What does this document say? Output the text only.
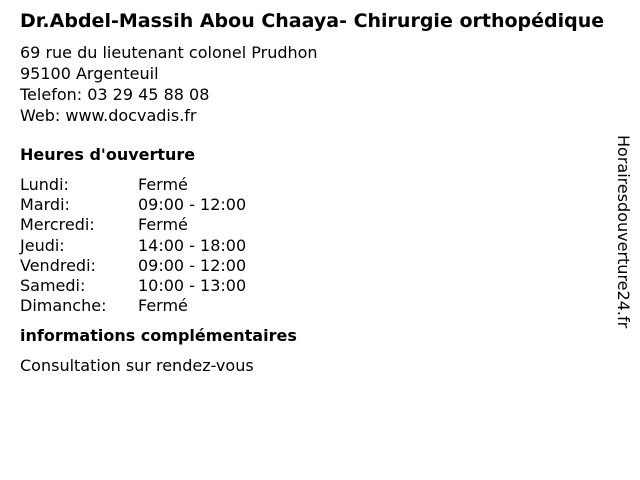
Dr.Abdel-Massih Abou Chaaya- Chirurgie orthopédique
69 rue du lieutenant colonel Prudhon
95100 Argenteuil
Telefon: 03 29 45 88 08
Web: www.docvadis.fr
Heures d'ouverture
Lundi:	Fermé
Mardi:	09:00 - 12:00
Mercredi:	Fermé
Jeudi:	14:00 - 18:00
Vendredi:	09:00 - 12:00
Samedi:	10:00 - 13:00
Dimanche:	Fermé
informations complémentaires
Consultation sur rendez-vous
Horairesdouverture24.fr
